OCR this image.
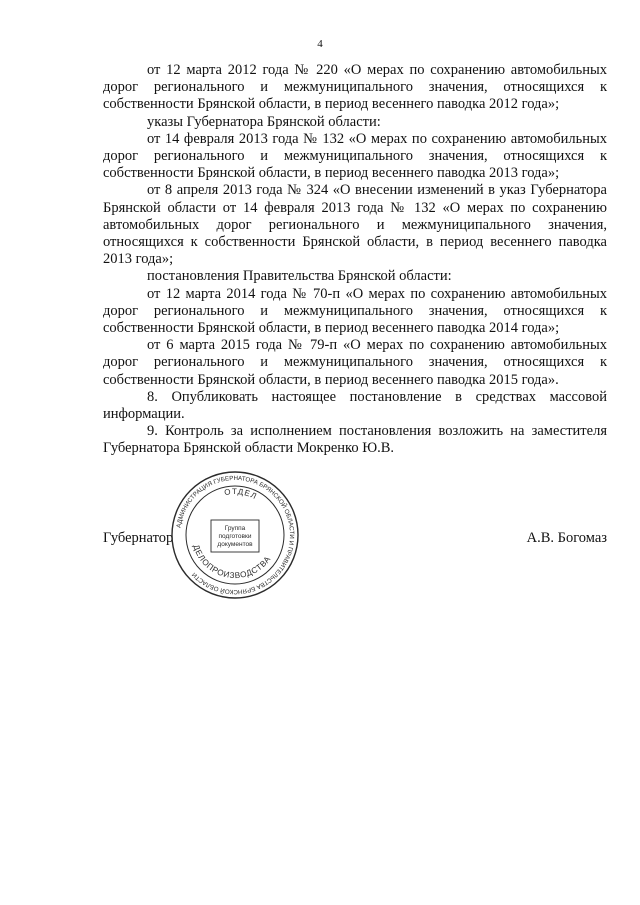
4

от 12 марта 2012 года № 220 «О мерах по сохранению автомобильных дорог регионального и межмуниципального значения, относящихся к собственности Брянской области, в период весеннего паводка 2012 года»;

указы Губернатора Брянской области:

от 14 февраля 2013 года № 132 «О мерах по сохранению автомобильных дорог регионального и межмуниципального значения, относящихся к собственности Брянской области, в период весеннего паводка 2013 года»;

от 8 апреля 2013 года № 324 «О внесении изменений в указ Губернатора Брянской области от 14 февраля 2013 года № 132 «О мерах по сохранению автомобильных дорог регионального и межмуниципального значения, относящихся к собственности Брянской области, в период весеннего паводка 2013 года»;

постановления Правительства Брянской области:

от 12 марта 2014 года № 70-п «О мерах по сохранению автомобильных дорог регионального и межмуниципального значения, относящихся к собственности Брянской области, в период весеннего паводка 2014 года»;

от 6 марта 2015 года № 79-п «О мерах по сохранению автомобильных дорог регионального и межмуниципального значения, относящихся к собственности Брянской области, в период весеннего паводка 2015 года».

8. Опубликовать настоящее постановление в средствах массовой информации.

9. Контроль за исполнением постановления возложить на заместителя Губернатора Брянской области Мокренко Ю.В.

Губернатор	А.В. Богомаз
АДМИНИСТРАЦИЯ ГУБЕРНАТОРА БРЯНСКОЙ ОБЛАСТИ И ПРАВИТЕЛЬСТВА БРЯНСКОЙ ОБЛАСТИ
ОТДЕЛ
ДЕЛОПРОИЗВОДСТВА
Группа
подготовки
документов
